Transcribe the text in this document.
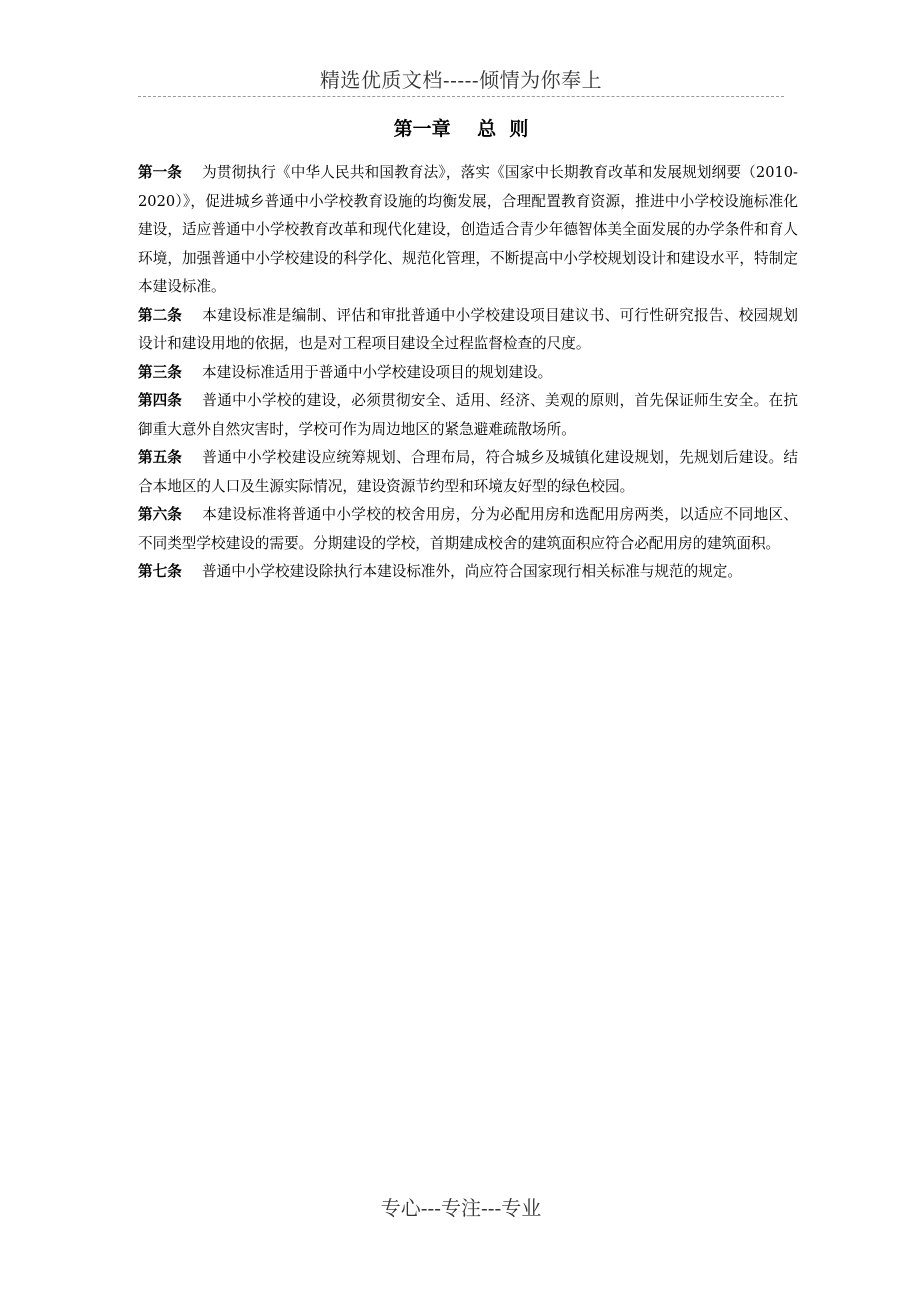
精选优质文档-----倾情为你奉上
第一章    总  则

第一条 为贯彻执行《中华人民共和国教育法》，落实《国家中长期教育改革和发展规划纲要（2010-2020）》，促进城乡普通中小学校教育设施的均衡发展，合理配置教育资源，推进中小学校设施标准化建设，适应普通中小学校教育改革和现代化建设，创造适合青少年德智体美全面发展的办学条件和育人环境，加强普通中小学校建设的科学化、规范化管理，不断提高中小学校规划设计和建设水平，特制定本建设标准。

第二条 本建设标准是编制、评估和审批普通中小学校建设项目建议书、可行性研究报告、校园规划设计和建设用地的依据，也是对工程项目建设全过程监督检查的尺度。

第三条 本建设标准适用于普通中小学校建设项目的规划建设。

第四条 普通中小学校的建设，必须贯彻安全、适用、经济、美观的原则，首先保证师生安全。在抗御重大意外自然灾害时，学校可作为周边地区的紧急避难疏散场所。

第五条 普通中小学校建设应统筹规划、合理布局，符合城乡及城镇化建设规划，先规划后建设。结合本地区的人口及生源实际情况，建设资源节约型和环境友好型的绿色校园。

第六条 本建设标准将普通中小学校的校舍用房，分为必配用房和选配用房两类，以适应不同地区、不同类型学校建设的需要。分期建设的学校，首期建成校舍的建筑面积应符合必配用房的建筑面积。

第七条 普通中小学校建设除执行本建设标准外，尚应符合国家现行相关标准与规范的规定。

专心---专注---专业
